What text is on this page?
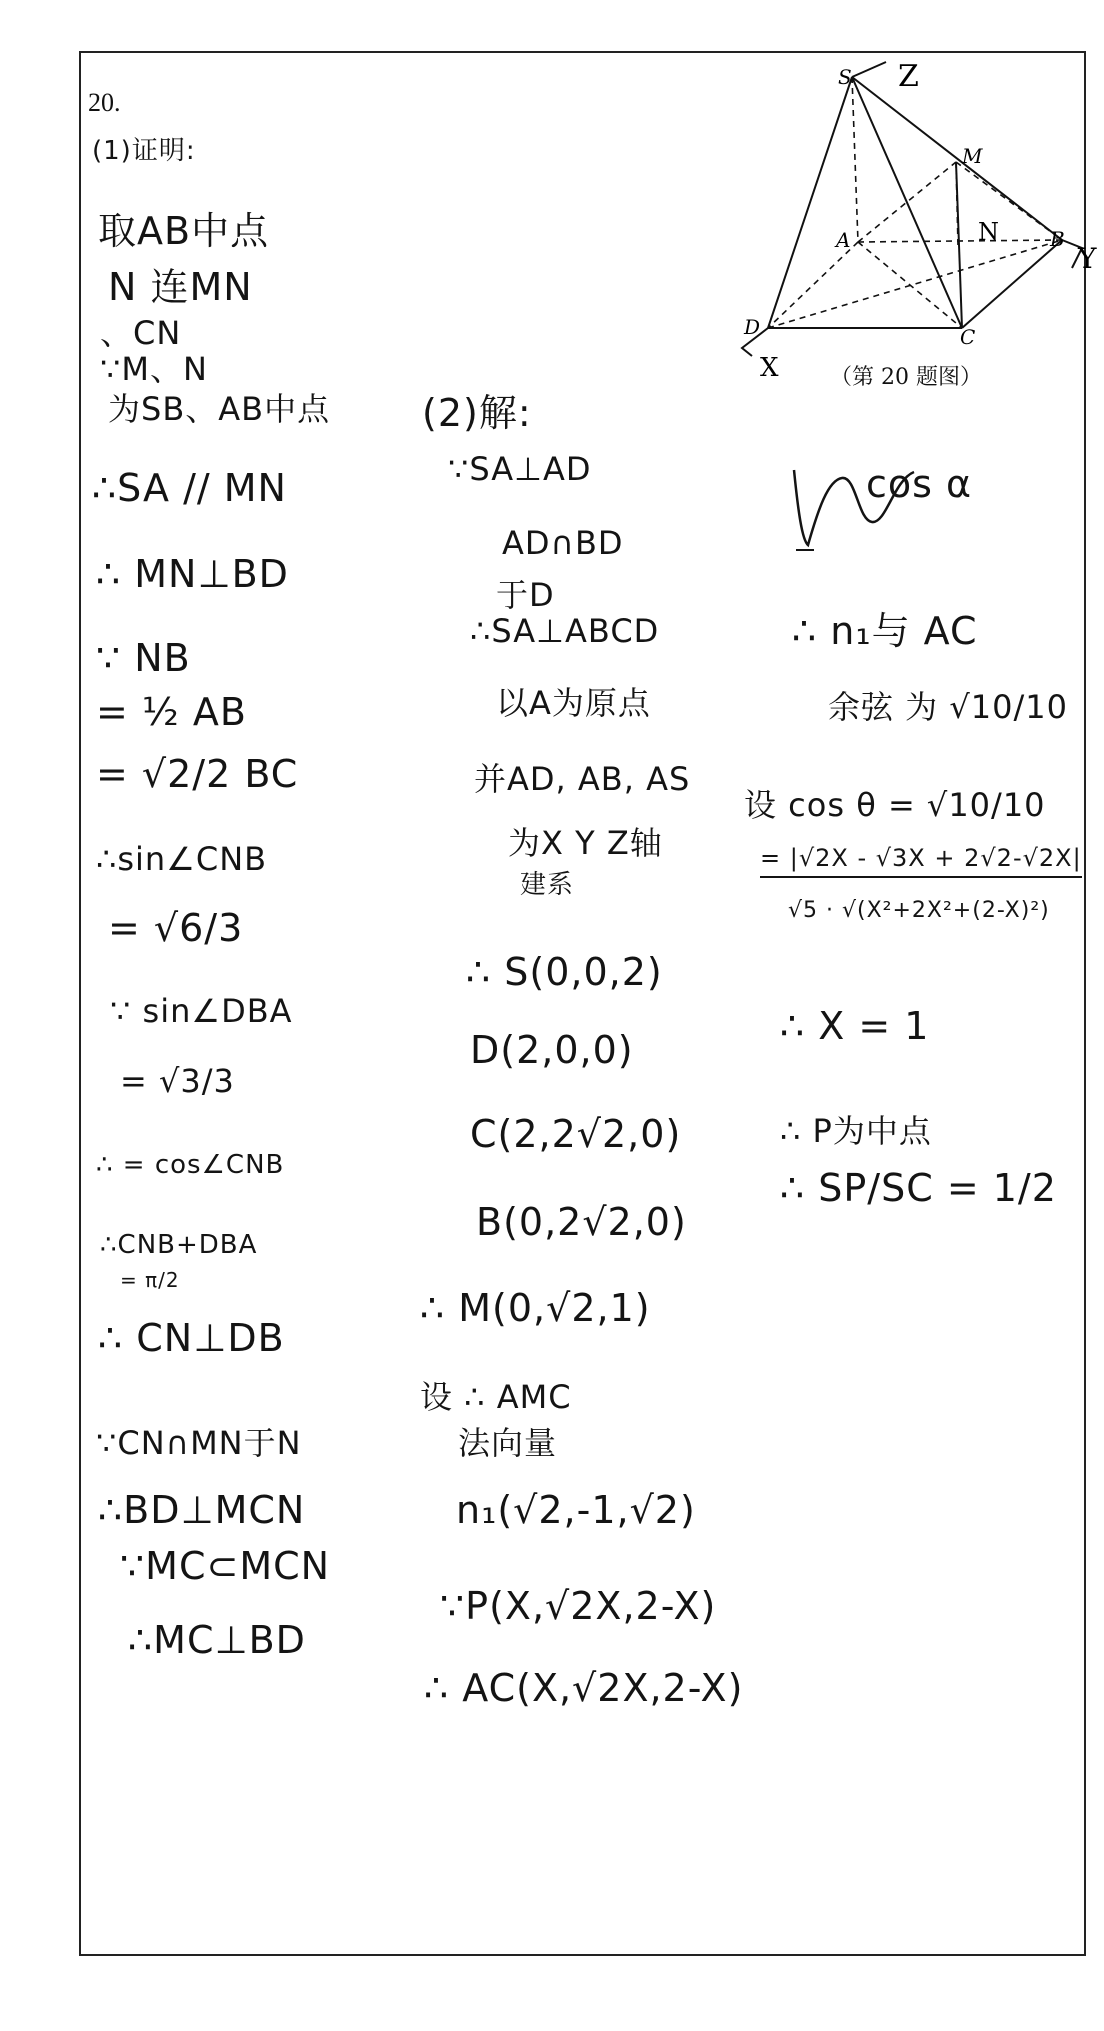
20.
S Z
M
A	N	B
Y
D	C
X （第 20 题图）
(1)证明:
取AB中点
N 连MN
、CN
∵M、N
为SB、AB中点
∴SA // MN
∴ MN⊥BD
∵ NB
= ½ AB
= √2/2 BC
∴sin∠CNB
= √6/3
∵ sin∠DBA
= √3/3
∴ = cos∠CNB
∴CNB+DBA
= π/2
∴ CN⊥DB
∵CN∩MN于N
∴BD⊥MCN
∵MC⊂MCN
∴MC⊥BD
(2)解:
∵SA⊥AD
AD∩BD
于D
∴SA⊥ABCD
以A为原点
并AD, AB, AS
为X Y Z轴
建系
∴ S(0,0,2)
D(2,0,0)
C(2,2√2,0)
B(0,2√2,0)
∴ M(0,√2,1)
设 ∴ AMC
法向量
n₁(√2,-1,√2)
∵P(X,√2X,2-X)
∴ AC(X,√2X,2-X)
cos α
∴ n₁与 AC
余弦 为 √10/10
设 cos θ = √10/10
= |√2X - √3X + 2√2-√2X|
√5 · √(X²+2X²+(2-X)²)
∴ X = 1
∴ P为中点
∴ SP/SC = 1/2
